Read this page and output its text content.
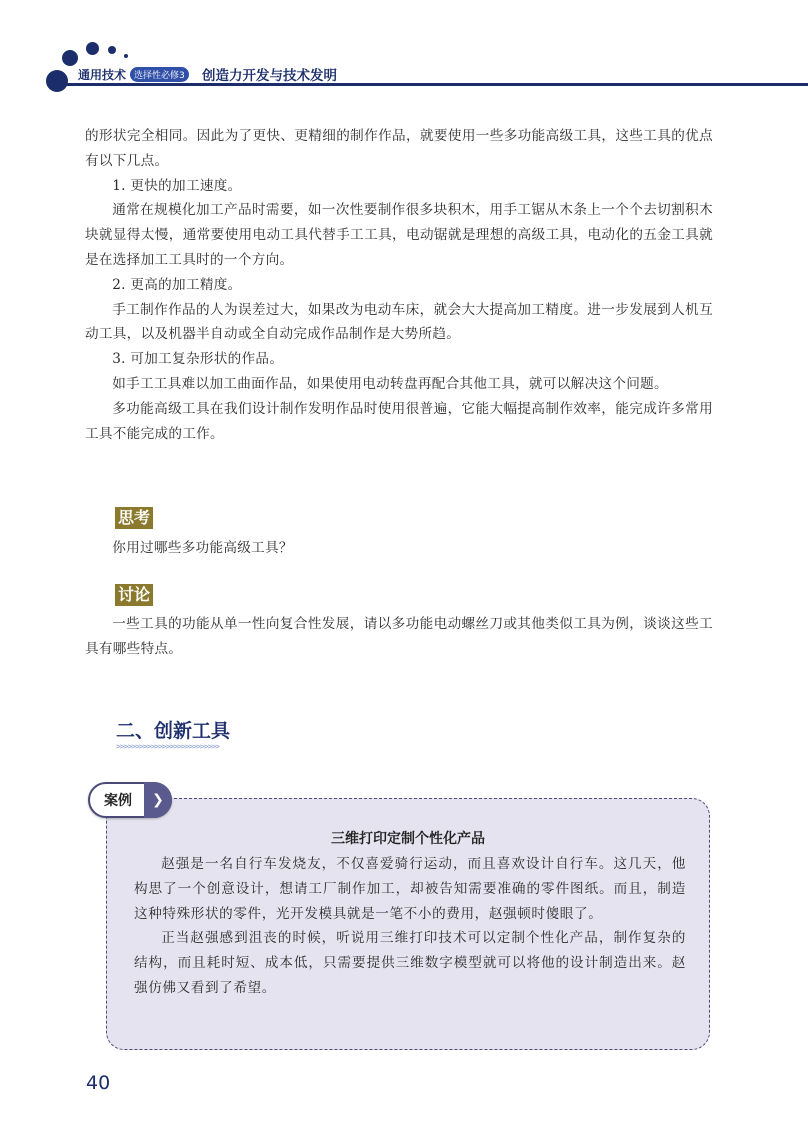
通用技术 选择性必修3 创造力开发与技术发明

的形状完全相同。因此为了更快、更精细的制作作品，就要使用一些多功能高级工具，这些工具的优点有以下几点。

1. 更快的加工速度。

通常在规模化加工产品时需要，如一次性要制作很多块积木，用手工锯从木条上一个个去切割积木块就显得太慢，通常要使用电动工具代替手工工具，电动锯就是理想的高级工具，电动化的五金工具就是在选择加工工具时的一个方向。

2. 更高的加工精度。

手工制作作品的人为误差过大，如果改为电动车床，就会大大提高加工精度。进一步发展到人机互动工具，以及机器半自动或全自动完成作品制作是大势所趋。

3. 可加工复杂形状的作品。

如手工工具难以加工曲面作品，如果使用电动转盘再配合其他工具，就可以解决这个问题。

多功能高级工具在我们设计制作发明作品时使用很普遍，它能大幅提高制作效率，能完成许多常用工具不能完成的工作。

思考

你用过哪些多功能高级工具？

讨论

一些工具的功能从单一性向复合性发展，请以多功能电动螺丝刀或其他类似工具为例，谈谈这些工具有哪些特点。

二、创新工具
>>>>>>>>>>>>>>>>>>>>>>>>>>>
案例	❯
三维打印定制个性化产品

赵强是一名自行车发烧友，不仅喜爱骑行运动，而且喜欢设计自行车。这几天，他构思了一个创意设计，想请工厂制作加工，却被告知需要准确的零件图纸。而且，制造这种特殊形状的零件，光开发模具就是一笔不小的费用，赵强顿时傻眼了。

正当赵强感到沮丧的时候，听说用三维打印技术可以定制个性化产品，制作复杂的结构，而且耗时短、成本低，只需要提供三维数字模型就可以将他的设计制造出来。赵强仿佛又看到了希望。

40
